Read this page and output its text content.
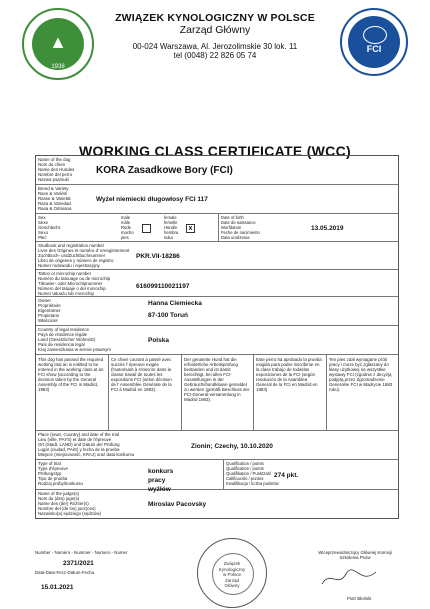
▲
1938
FCI
ZWIĄZEK KYNOLOGICZNY W POLSCE
Zarząd Główny
00-024 Warszawa, Al. Jerozolimskie 30 lok. 11
tel (0048) 22 826 05 74
WORKING CLASS CERTIFICATE (WCC)
Name of the dog
Nom du chien
Name des Hundes
Nombre del perro
Nazwa psa/suki
KORA Zasadkowe Bory (FCI)
Breed & Variety
Race & Variété
Rasse & Varietät
Raza & Variedad
Rasa & Odmiana
Wyżeł niemiecki długowłosy FCI 117
Sex
Sexe
Geschlecht
Sexo
Płeć
male
mâle
Rüde
macho
pies
female
femelle
Hündin
hembra
suka
x
Date of birth
Date de naissance
Wurfdatum
Feche de nacimiento
Data urodzenia
13.05.2019
Studbook and registration number
Livre des Origines et numéro d' enregistrement
Zuchtbuch- undZuchtbuchnummer
Libro de origenes y número de registro
Numer rodowodu i rejestracyjny
PKR.VII-18286
Tattoo or microchip number
Numéro du tatouage ou de microchip
Tätowier- oder Microchipnummer
Número del tatuaje o del microchip
Numer tatuażu lub microchip
616099110021197
Owner
Propriétaire
Eigentümer
Propietario
Właściciel
Hanna Ciemiecka
87-100 Toruń
Country of legal residence
Pays de résidence légale
Land (Gesetzlicher Wohnsitz)
País de residencia legal
Kraj zamieszkania w sensie prawnym
Polska
This dog has passed the required working trial an is entitled to be entered in the working class at an FCI show (according to the decision taken by the General Assembly of the FCI in Madrid, 1983)
Ce chien courant a passé avec succès l' épreuve exigée (l'autorisant à s'inscrire dans la classe travail de toutes les expositions FCI (selon décision de l' Assemblée Générale de la FCI à Madrid en 1983).
Der genannte Hund hat die erforderliche Arbeitsprüfung bestanden und ist damit berechtigt, bei allen FCI-Ausstellungen in der Gebrauchshundklasse gemeldet zu werden (gemäß Beschluss der FCI-General-versammlung in Madrid 1983).
Este perro ha aprobado la prueba exigida para poder inscribirse en la clase trabajo de todaslas exposiciones de la FCI (según resolución de la Asamblea General de la FCI en Madrid en 1983)
Ten pies zdał wymagane prób pracy i może być zgłaszany do klasy użytkowej na wszystkie wystawy FCI (zgodnie z decyzją podjętą przez Zgromadzenie Generalne FCI w Madrycie 1983 roku).
Place (town, Country) and date of the trial
Lieu (ville, PAYS) et date de l'épreuve
Ort (Stadt, LAND) und Datum der Prüfung
Lugar (ciudad, PAÍS) y fecha de la prueba
Miejsce (miejscowość, KRAJ) oraz data konkursu
Zionin; Czechy, 10.10.2020
Type of trial
Type d'épreuve
Prüfungstyp
Tipo de prueba
Rodzaj próby/konkursu
konkurs pracy wyżłów
Qualification / points
Qualification / points
Qualifikation / Punktzahl
Calificación / puntos
Kwalifikacja / liczba punktów
274 pkt.
Name of the judge(s)
Nom du (des) juge(s)
Name des (der) Richter(s)
Nombre del (de los) juez(ces)
Nazwisko(a) sędziego (sędziów)
Miroslav Pacovsky
Number - Numéro - Nummer - Numero - Numer
2371/2021
Data-Date-Fecz-Datum-Fecha
15.01.2021
Związek
Kynologiczny
w Polsce
Zarząd
Główny
Wiceprzewodniczący Głównej Komisji
Szkolenia Psów
Piotr Błoński
